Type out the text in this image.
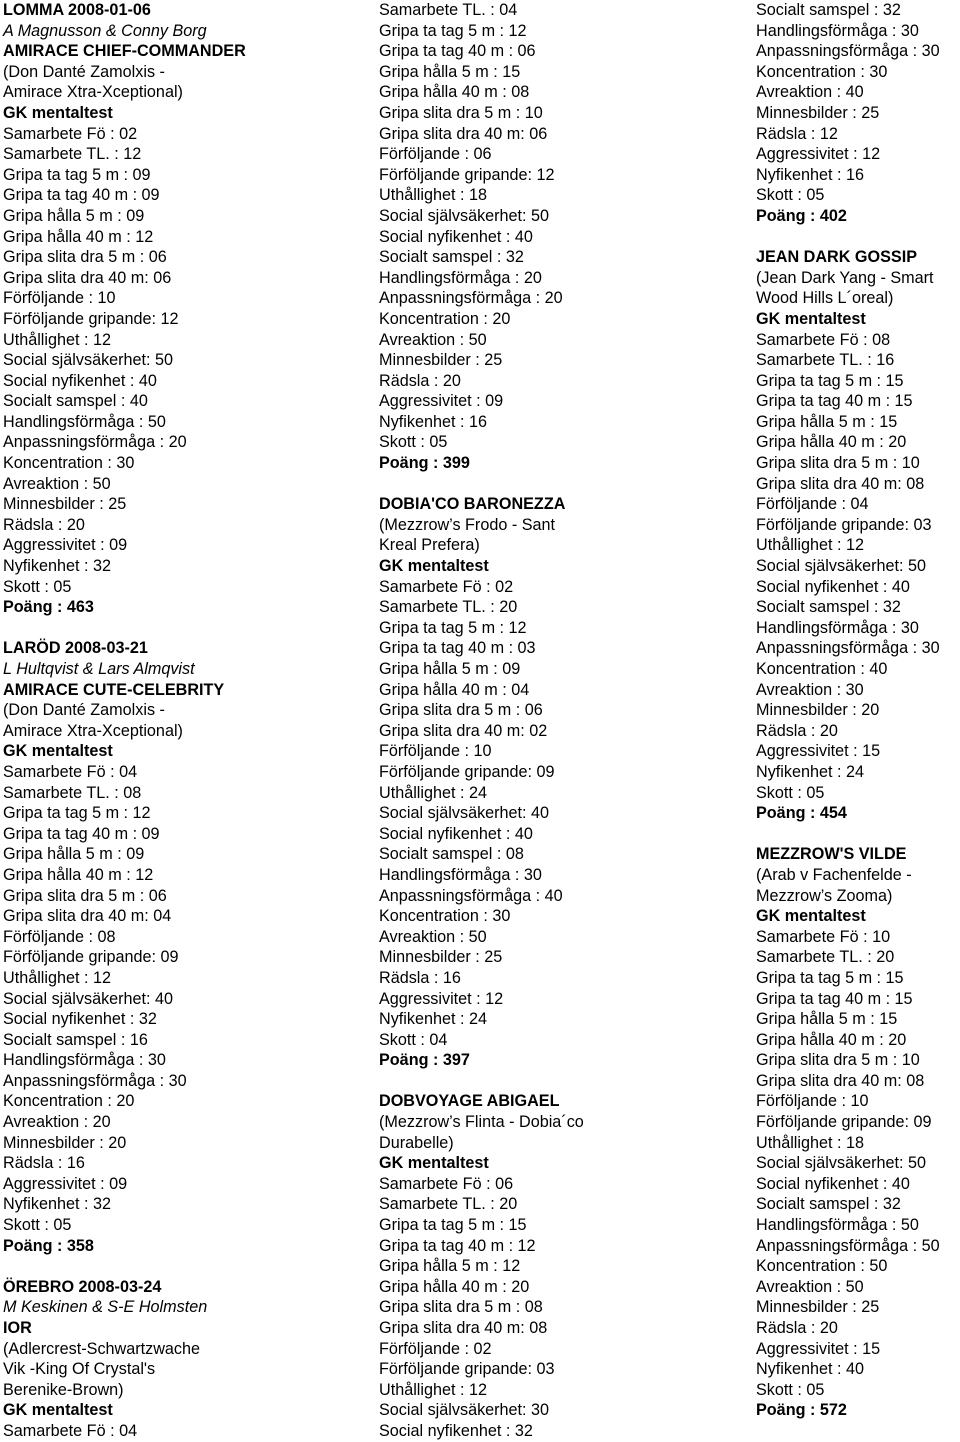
LOMMA 2008-01-06
A Magnusson & Conny Borg
AMIRACE CHIEF-COMMANDER
(Don Danté Zamolxis -
Amirace Xtra-Xceptional)
GK mentaltest
Samarbete Fö : 02
Samarbete TL. : 12
Gripa ta tag 5 m : 09
Gripa ta tag 40 m : 09
Gripa hålla 5 m : 09
Gripa hålla 40 m : 12
Gripa slita dra 5 m : 06
Gripa slita dra 40 m: 06
Förföljande : 10
Förföljande gripande: 12
Uthållighet : 12
Social självsäkerhet: 50
Social nyfikenhet : 40
Socialt samspel : 40
Handlingsförmåga : 50
Anpassningsförmåga : 20
Koncentration : 30
Avreaktion : 50
Minnesbilder : 25
Rädsla : 20
Aggressivitet : 09
Nyfikenhet : 32
Skott : 05
Poäng : 463
LARÖD 2008-03-21
L Hultqvist & Lars Almqvist
AMIRACE CUTE-CELEBRITY
(Don Danté Zamolxis -
Amirace Xtra-Xceptional)
GK mentaltest
Samarbete Fö : 04
Samarbete TL. : 08
Gripa ta tag 5 m : 12
Gripa ta tag 40 m : 09
Gripa hålla 5 m : 09
Gripa hålla 40 m : 12
Gripa slita dra 5 m : 06
Gripa slita dra 40 m: 04
Förföljande : 08
Förföljande gripande: 09
Uthållighet : 12
Social självsäkerhet: 40
Social nyfikenhet : 32
Socialt samspel : 16
Handlingsförmåga : 30
Anpassningsförmåga : 30
Koncentration : 20
Avreaktion : 20
Minnesbilder : 20
Rädsla : 16
Aggressivitet : 09
Nyfikenhet : 32
Skott : 05
Poäng : 358
ÖREBRO 2008-03-24
M Keskinen & S-E Holmsten
IOR
(Adlercrest-Schwartzwache
Vik -King Of Crystal's
Berenike-Brown)
GK mentaltest
Samarbete Fö : 04
Samarbete TL. : 04
Gripa ta tag 5 m : 12
Gripa ta tag 40 m : 06
Gripa hålla 5 m : 15
Gripa hålla 40 m : 08
Gripa slita dra 5 m : 10
Gripa slita dra 40 m: 06
Förföljande : 06
Förföljande gripande: 12
Uthållighet : 18
Social självsäkerhet: 50
Social nyfikenhet : 40
Socialt samspel : 32
Handlingsförmåga : 20
Anpassningsförmåga : 20
Koncentration : 20
Avreaktion : 50
Minnesbilder : 25
Rädsla : 20
Aggressivitet : 09
Nyfikenhet : 16
Skott : 05
Poäng : 399
DOBIA'CO BARONEZZA
(Mezzrow’s Frodo - Sant
Kreal Prefera)
GK mentaltest
Samarbete Fö : 02
Samarbete TL. : 20
Gripa ta tag 5 m : 12
Gripa ta tag 40 m : 03
Gripa hålla 5 m : 09
Gripa hålla 40 m : 04
Gripa slita dra 5 m : 06
Gripa slita dra 40 m: 02
Förföljande : 10
Förföljande gripande: 09
Uthållighet : 24
Social självsäkerhet: 40
Social nyfikenhet : 40
Socialt samspel : 08
Handlingsförmåga : 30
Anpassningsförmåga : 40
Koncentration : 30
Avreaktion : 50
Minnesbilder : 25
Rädsla : 16
Aggressivitet : 12
Nyfikenhet : 24
Skott : 04
Poäng : 397
DOBVOYAGE ABIGAEL
(Mezzrow’s Flinta - Dobia´co
Durabelle)
GK mentaltest
Samarbete Fö : 06
Samarbete TL. : 20
Gripa ta tag 5 m : 15
Gripa ta tag 40 m : 12
Gripa hålla 5 m : 12
Gripa hålla 40 m : 20
Gripa slita dra 5 m : 08
Gripa slita dra 40 m: 08
Förföljande : 02
Förföljande gripande: 03
Uthållighet : 12
Social självsäkerhet: 30
Social nyfikenhet : 32
Socialt samspel : 32
Handlingsförmåga : 30
Anpassningsförmåga : 30
Koncentration : 30
Avreaktion : 40
Minnesbilder : 25
Rädsla : 12
Aggressivitet : 12
Nyfikenhet : 16
Skott : 05
Poäng : 402
JEAN DARK GOSSIP
(Jean Dark Yang - Smart
Wood Hills L´oreal)
GK mentaltest
Samarbete Fö : 08
Samarbete TL. : 16
Gripa ta tag 5 m : 15
Gripa ta tag 40 m : 15
Gripa hålla 5 m : 15
Gripa hålla 40 m : 20
Gripa slita dra 5 m : 10
Gripa slita dra 40 m: 08
Förföljande : 04
Förföljande gripande: 03
Uthållighet : 12
Social självsäkerhet: 50
Social nyfikenhet : 40
Socialt samspel : 32
Handlingsförmåga : 30
Anpassningsförmåga : 30
Koncentration : 40
Avreaktion : 30
Minnesbilder : 20
Rädsla : 20
Aggressivitet : 15
Nyfikenhet : 24
Skott : 05
Poäng : 454
MEZZROW'S VILDE
(Arab v Fachenfelde -
Mezzrow’s Zooma)
GK mentaltest
Samarbete Fö : 10
Samarbete TL. : 20
Gripa ta tag 5 m : 15
Gripa ta tag 40 m : 15
Gripa hålla 5 m : 15
Gripa hålla 40 m : 20
Gripa slita dra 5 m : 10
Gripa slita dra 40 m: 08
Förföljande : 10
Förföljande gripande: 09
Uthållighet : 18
Social självsäkerhet: 50
Social nyfikenhet : 40
Socialt samspel : 32
Handlingsförmåga : 50
Anpassningsförmåga : 50
Koncentration : 50
Avreaktion : 50
Minnesbilder : 25
Rädsla : 20
Aggressivitet : 15
Nyfikenhet : 40
Skott : 05
Poäng : 572
